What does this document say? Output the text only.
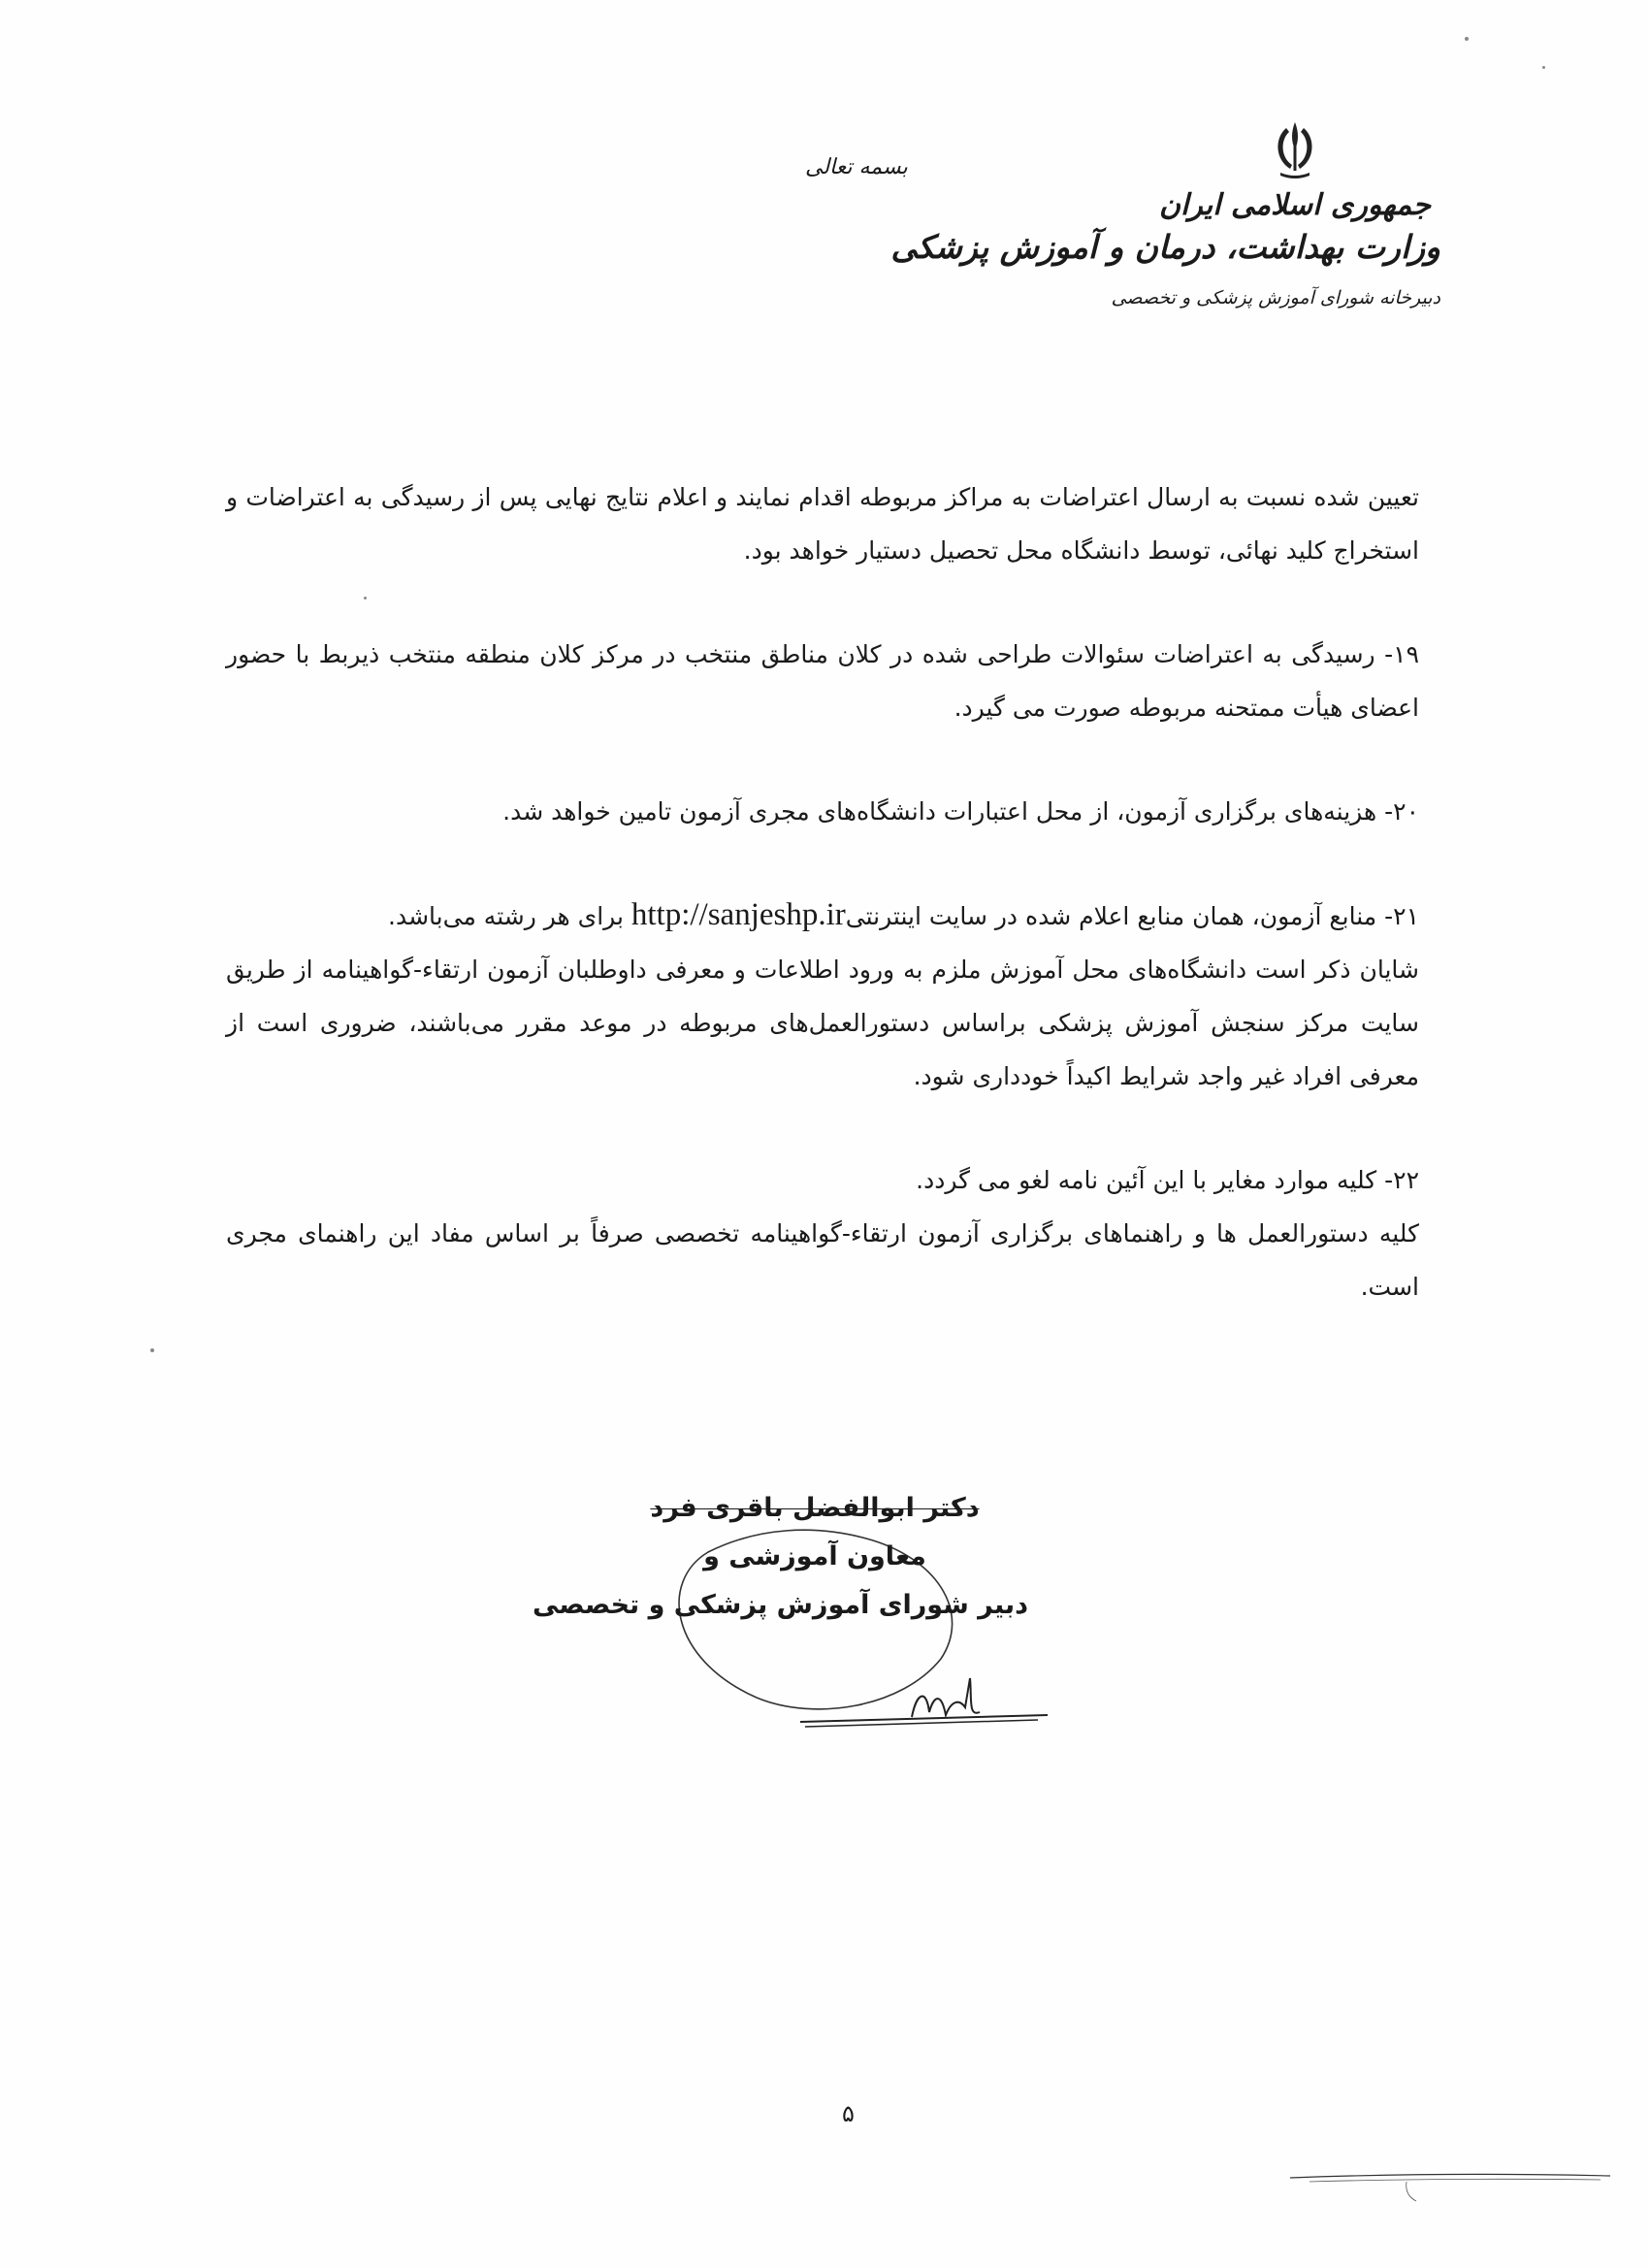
جمهوری اسلامی ایران
وزارت بهداشت، درمان و آموزش پزشکی
دبیرخانه شورای آموزش پزشکی و تخصصی
بسمه تعالی

تعیین شده نسبت به ارسال اعتراضات به مراکز مربوطه اقدام نمایند و اعلام نتایج نهایی پس از رسیدگی به اعتراضات و استخراج کلید نهائی، توسط دانشگاه محل تحصیل دستیار خواهد بود.

۱۹- رسیدگی به اعتراضات سئوالات طراحی شده در کلان مناطق منتخب در مرکز کلان منطقه منتخب ذیربط با حضور اعضای هیأت ممتحنه مربوطه صورت می گیرد.

۲۰- هزینه‌های برگزاری آزمون، از محل اعتبارات دانشگاه‌های مجری آزمون تامین خواهد شد.

۲۱- منابع آزمون، همان منابع اعلام شده در سایت اینترنتیhttp://sanjeshp.ir برای هر رشته می‌باشد.
شایان ذکر است دانشگاه‌های محل آموزش ملزم به ورود اطلاعات و معرفی داوطلبان آزمون ارتقاء-گواهینامه از طریق سایت مرکز سنجش آموزش پزشکی براساس دستورالعمل‌های مربوطه در موعد مقرر می‌باشند، ضروری است از معرفی افراد غیر واجد شرایط اکیداً خودداری شود.

۲۲- کلیه موارد مغایر با این آئین نامه لغو می گردد.

کلیه دستورالعمل ها و راهنماهای برگزاری آزمون ارتقاء-گواهینامه تخصصی صرفاً بر اساس مفاد این راهنمای مجری است.

دکتر ابوالفضل باقری فرد
معاون آموزشی و
دبیر شورای آموزش پزشکی و تخصصی
۵
